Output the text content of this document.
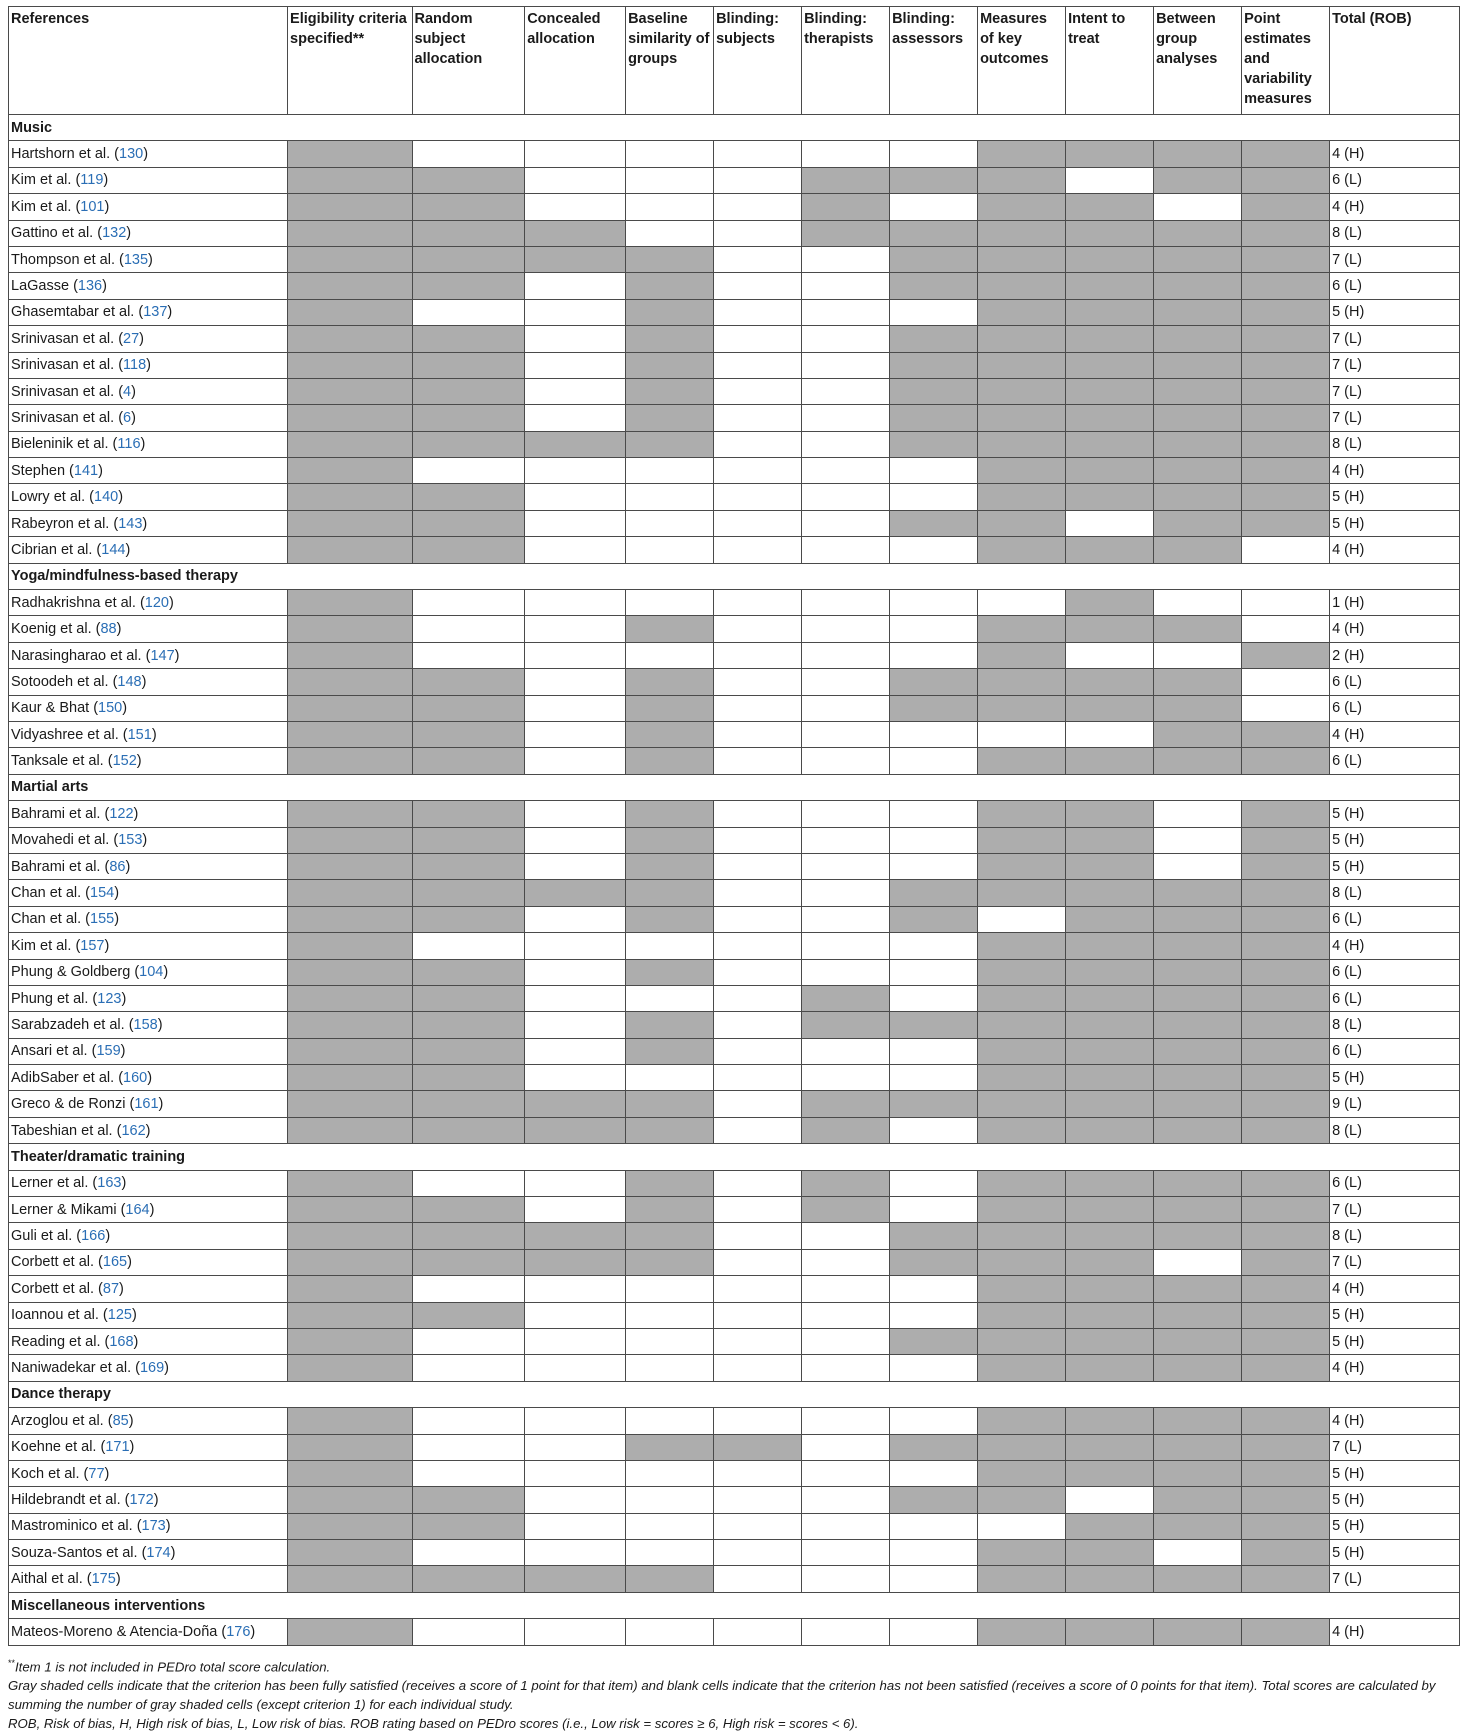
References	Eligibility criteria specified**	Random subject allocation	Concealed allocation	Baseline similarity of groups	Blinding: subjects	Blinding: therapists	Blinding: assessors	Measures of key outcomes	Intent to treat	Between group analyses	Point estimates and variability measures	Total (ROB)
Music												
Hartshorn et al. (130)												4 (H)
Kim et al. (119)												6 (L)
Kim et al. (101)												4 (H)
Gattino et al. (132)												8 (L)
Thompson et al. (135)												7 (L)
LaGasse (136)												6 (L)
Ghasemtabar et al. (137)												5 (H)
Srinivasan et al. (27)												7 (L)
Srinivasan et al. (118)												7 (L)
Srinivasan et al. (4)												7 (L)
Srinivasan et al. (6)												7 (L)
Bieleninik et al. (116)												8 (L)
Stephen (141)												4 (H)
Lowry et al. (140)												5 (H)
Rabeyron et al. (143)												5 (H)
Cibrian et al. (144)												4 (H)
Yoga/mindfulness-based therapy												
Radhakrishna et al. (120)												1 (H)
Koenig et al. (88)												4 (H)
Narasingharao et al. (147)												2 (H)
Sotoodeh et al. (148)												6 (L)
Kaur & Bhat (150)												6 (L)
Vidyashree et al. (151)												4 (H)
Tanksale et al. (152)												6 (L)
Martial arts												
Bahrami et al. (122)												5 (H)
Movahedi et al. (153)												5 (H)
Bahrami et al. (86)												5 (H)
Chan et al. (154)												8 (L)
Chan et al. (155)												6 (L)
Kim et al. (157)												4 (H)
Phung & Goldberg (104)												6 (L)
Phung et al. (123)												6 (L)
Sarabzadeh et al. (158)												8 (L)
Ansari et al. (159)												6 (L)
AdibSaber et al. (160)												5 (H)
Greco & de Ronzi (161)												9 (L)
Tabeshian et al. (162)												8 (L)
Theater/dramatic training												
Lerner et al. (163)												6 (L)
Lerner & Mikami (164)												7 (L)
Guli et al. (166)												8 (L)
Corbett et al. (165)												7 (L)
Corbett et al. (87)												4 (H)
Ioannou et al. (125)												5 (H)
Reading et al. (168)												5 (H)
Naniwadekar et al. (169)												4 (H)
Dance therapy												
Arzoglou et al. (85)												4 (H)
Koehne et al. (171)												7 (L)
Koch et al. (77)												5 (H)
Hildebrandt et al. (172)												5 (H)
Mastrominico et al. (173)												5 (H)
Souza-Santos et al. (174)												5 (H)
Aithal et al. (175)												7 (L)
Miscellaneous interventions												
Mateos-Moreno & Atencia-Doña (176)												4 (H)

**Item 1 is not included in PEDro total score calculation.

Gray shaded cells indicate that the criterion has been fully satisfied (receives a score of 1 point for that item) and blank cells indicate that the criterion has not been satisfied (receives a score of 0 points for that item). Total scores are calculated by summing the number of gray shaded cells (except criterion 1) for each individual study.

ROB, Risk of bias, H, High risk of bias, L, Low risk of bias. ROB rating based on PEDro scores (i.e., Low risk = scores ≥ 6, High risk = scores < 6).
